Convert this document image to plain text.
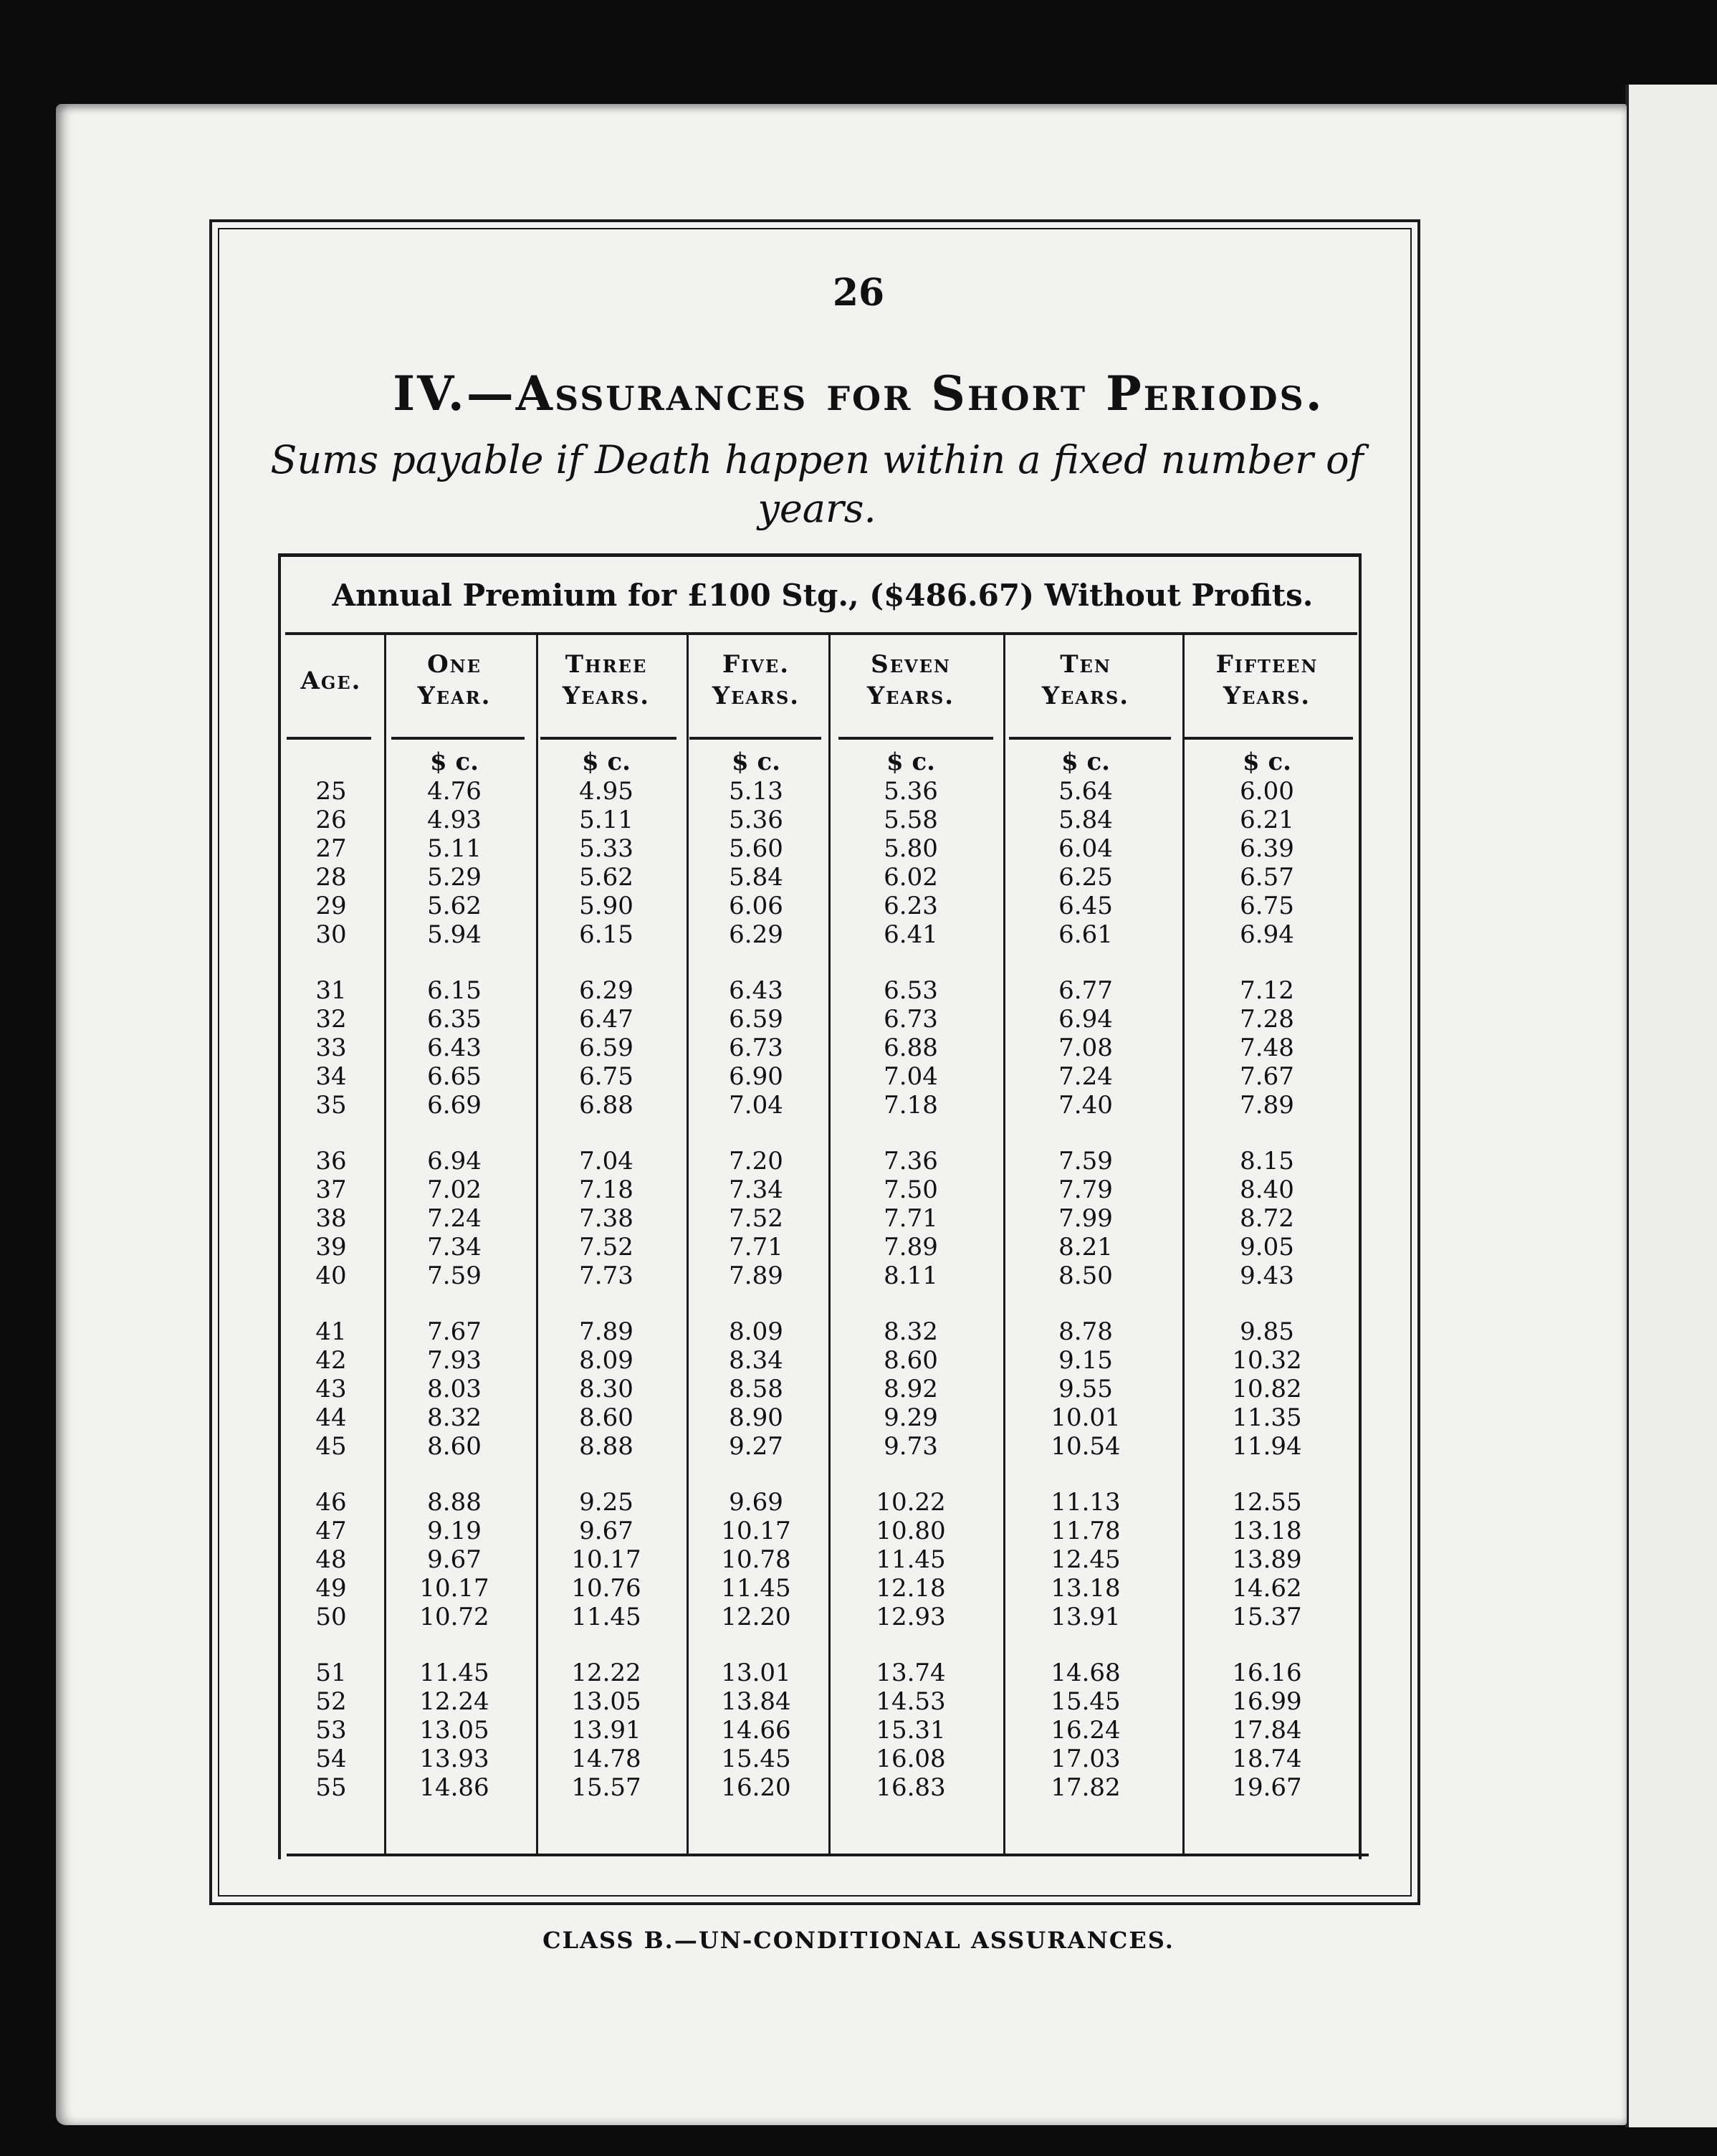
26
IV.—Assurances for Short Periods.
Sums payable if Death happen within a fixed number of years.
Annual Premium for £100 Stg., ($486.67) Without Profits.
Age.
One
Year.
Three
Years.
Five.
Years.
Seven
Years.
Ten
Years.
Fifteen
Years.
25
26
27
28
29
30
31
32
33
34
35
36
37
38
39
40
41
42
43
44
45
46
47
48
49
50
51
52
53
54
55
$ c.
4.76
4.93
5.11
5.29
5.62
5.94
6.15
6.35
6.43
6.65
6.69
6.94
7.02
7.24
7.34
7.59
7.67
7.93
8.03
8.32
8.60
8.88
9.19
9.67
10.17
10.72
11.45
12.24
13.05
13.93
14.86
$ c.
4.95
5.11
5.33
5.62
5.90
6.15
6.29
6.47
6.59
6.75
6.88
7.04
7.18
7.38
7.52
7.73
7.89
8.09
8.30
8.60
8.88
9.25
9.67
10.17
10.76
11.45
12.22
13.05
13.91
14.78
15.57
$ c.
5.13
5.36
5.60
5.84
6.06
6.29
6.43
6.59
6.73
6.90
7.04
7.20
7.34
7.52
7.71
7.89
8.09
8.34
8.58
8.90
9.27
9.69
10.17
10.78
11.45
12.20
13.01
13.84
14.66
15.45
16.20
$ c.
5.36
5.58
5.80
6.02
6.23
6.41
6.53
6.73
6.88
7.04
7.18
7.36
7.50
7.71
7.89
8.11
8.32
8.60
8.92
9.29
9.73
10.22
10.80
11.45
12.18
12.93
13.74
14.53
15.31
16.08
16.83
$ c.
5.64
5.84
6.04
6.25
6.45
6.61
6.77
6.94
7.08
7.24
7.40
7.59
7.79
7.99
8.21
8.50
8.78
9.15
9.55
10.01
10.54
11.13
11.78
12.45
13.18
13.91
14.68
15.45
16.24
17.03
17.82
$ c.
6.00
6.21
6.39
6.57
6.75
6.94
7.12
7.28
7.48
7.67
7.89
8.15
8.40
8.72
9.05
9.43
9.85
10.32
10.82
11.35
11.94
12.55
13.18
13.89
14.62
15.37
16.16
16.99
17.84
18.74
19.67
CLASS B.—UN-CONDITIONAL ASSURANCES.
